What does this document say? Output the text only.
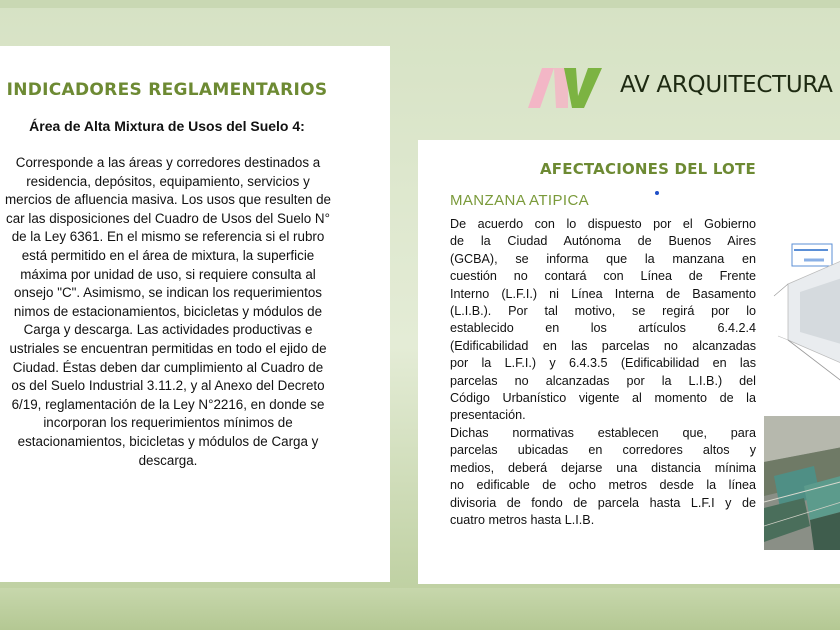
INDICADORES REGLAMENTARIOS
Área de Alta Mixtura de Usos del Suelo 4:
Corresponde a las áreas y corredores destinados a
residencia, depósitos, equipamiento, servicios y
mercios de afluencia masiva. Los usos que resulten de
car las disposiciones del Cuadro de Usos del Suelo N°
de la Ley 6361. En el mismo se referencia si el rubro
está permitido en el área de mixtura, la superficie
máxima por unidad de uso, si requiere consulta al
onsejo "C". Asimismo, se indican los requerimientos
nimos de estacionamientos, bicicletas y módulos de
Carga y descarga. Las actividades productivas e
ustriales se encuentran permitidas en todo el ejido de
Ciudad. Éstas deben dar cumplimiento al Cuadro de
os del Suelo Industrial 3.11.2, y al Anexo del Decreto
6/19, reglamentación de la Ley N°2216, en donde se
incorporan los requerimientos mínimos de
estacionamientos, bicicletas y módulos de Carga y
descarga.
AV ARQUITECTURA
AFECTACIONES DEL LOTE
MANZANA ATIPICA
De acuerdo con lo dispuesto por el Gobierno
de la Ciudad Autónoma de Buenos Aires
(GCBA), se informa que la manzana en
cuestión no contará con Línea de Frente
Interno (L.F.I.) ni Línea Interna de Basamento
(L.I.B.). Por tal motivo, se regirá por lo
establecido en los artículos 6.4.2.4
(Edificabilidad en las parcelas no alcanzadas
por la L.F.I.) y 6.4.3.5 (Edificabilidad en las
parcelas no alcanzadas por la L.I.B.) del
Código Urbanístico vigente al momento de la
presentación.
Dichas normativas establecen que, para
parcelas ubicadas en corredores altos y
medios, deberá dejarse una distancia mínima
no edificable de ocho metros desde la línea
divisoria de fondo de parcela hasta L.F.I y de
cuatro metros hasta L.I.B.
